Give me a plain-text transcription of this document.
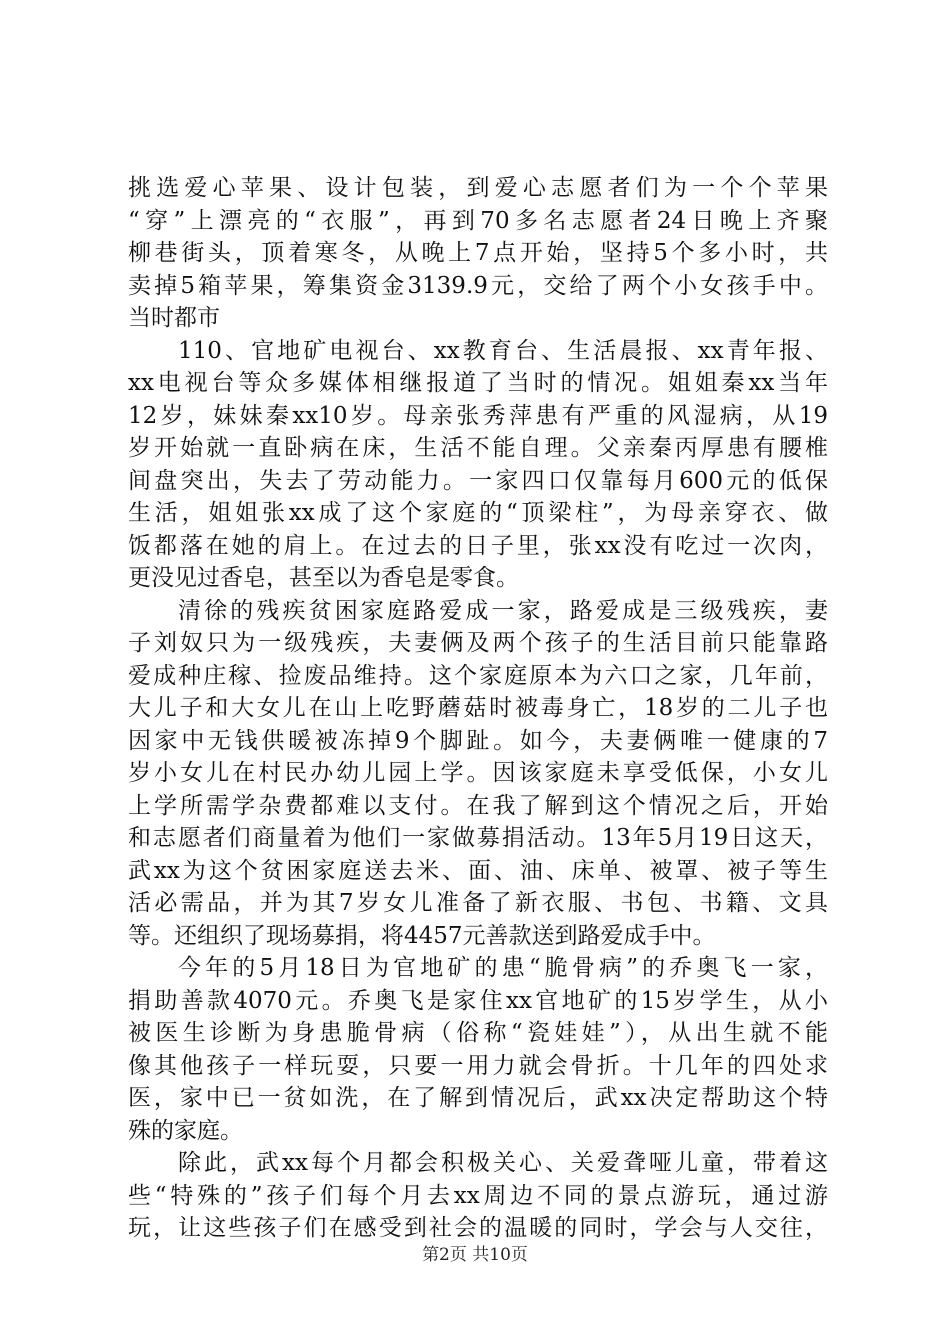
挑选爱心苹果、设计包装，到爱心志愿者们为一个个苹果
“穿”上漂亮的“衣服”，再到70多名志愿者24日晚上齐聚
柳巷街头，顶着寒冬，从晚上7点开始，坚持5个多小时，共
卖掉5箱苹果，筹集资金3139.9元，交给了两个小女孩手中。
当时都市
110、官地矿电视台、xx教育台、生活晨报、xx青年报、
xx电视台等众多媒体相继报道了当时的情况。姐姐秦xx当年
12岁，妹妹秦xx10岁。母亲张秀萍患有严重的风湿病，从19
岁开始就一直卧病在床，生活不能自理。父亲秦丙厚患有腰椎
间盘突出，失去了劳动能力。一家四口仅靠每月600元的低保
生活，姐姐张xx成了这个家庭的“顶梁柱”，为母亲穿衣、做
饭都落在她的肩上。在过去的日子里，张xx没有吃过一次肉，
更没见过香皂，甚至以为香皂是零食。
清徐的残疾贫困家庭路爱成一家，路爱成是三级残疾，妻
子刘奴只为一级残疾，夫妻俩及两个孩子的生活目前只能靠路
爱成种庄稼、捡废品维持。这个家庭原本为六口之家，几年前，
大儿子和大女儿在山上吃野蘑菇时被毒身亡，18岁的二儿子也
因家中无钱供暖被冻掉9个脚趾。如今，夫妻俩唯一健康的7
岁小女儿在村民办幼儿园上学。因该家庭未享受低保，小女儿
上学所需学杂费都难以支付。在我了解到这个情况之后，开始
和志愿者们商量着为他们一家做募捐活动。13年5月19日这天，
武xx为这个贫困家庭送去米、面、油、床单、被罩、被子等生
活必需品，并为其7岁女儿准备了新衣服、书包、书籍、文具
等。还组织了现场募捐，将4457元善款送到路爱成手中。
今年的5月18日为官地矿的患“脆骨病”的乔奥飞一家，
捐助善款4070元。乔奥飞是家住xx官地矿的15岁学生，从小
被医生诊断为身患脆骨病（俗称“瓷娃娃”），从出生就不能
像其他孩子一样玩耍，只要一用力就会骨折。十几年的四处求
医，家中已一贫如洗，在了解到情况后，武xx决定帮助这个特
殊的家庭。
除此，武xx每个月都会积极关心、关爱聋哑儿童，带着这
些“特殊的”孩子们每个月去xx周边不同的景点游玩，通过游
玩，让这些孩子们在感受到社会的温暖的同时，学会与人交往，
第2页 共10页
